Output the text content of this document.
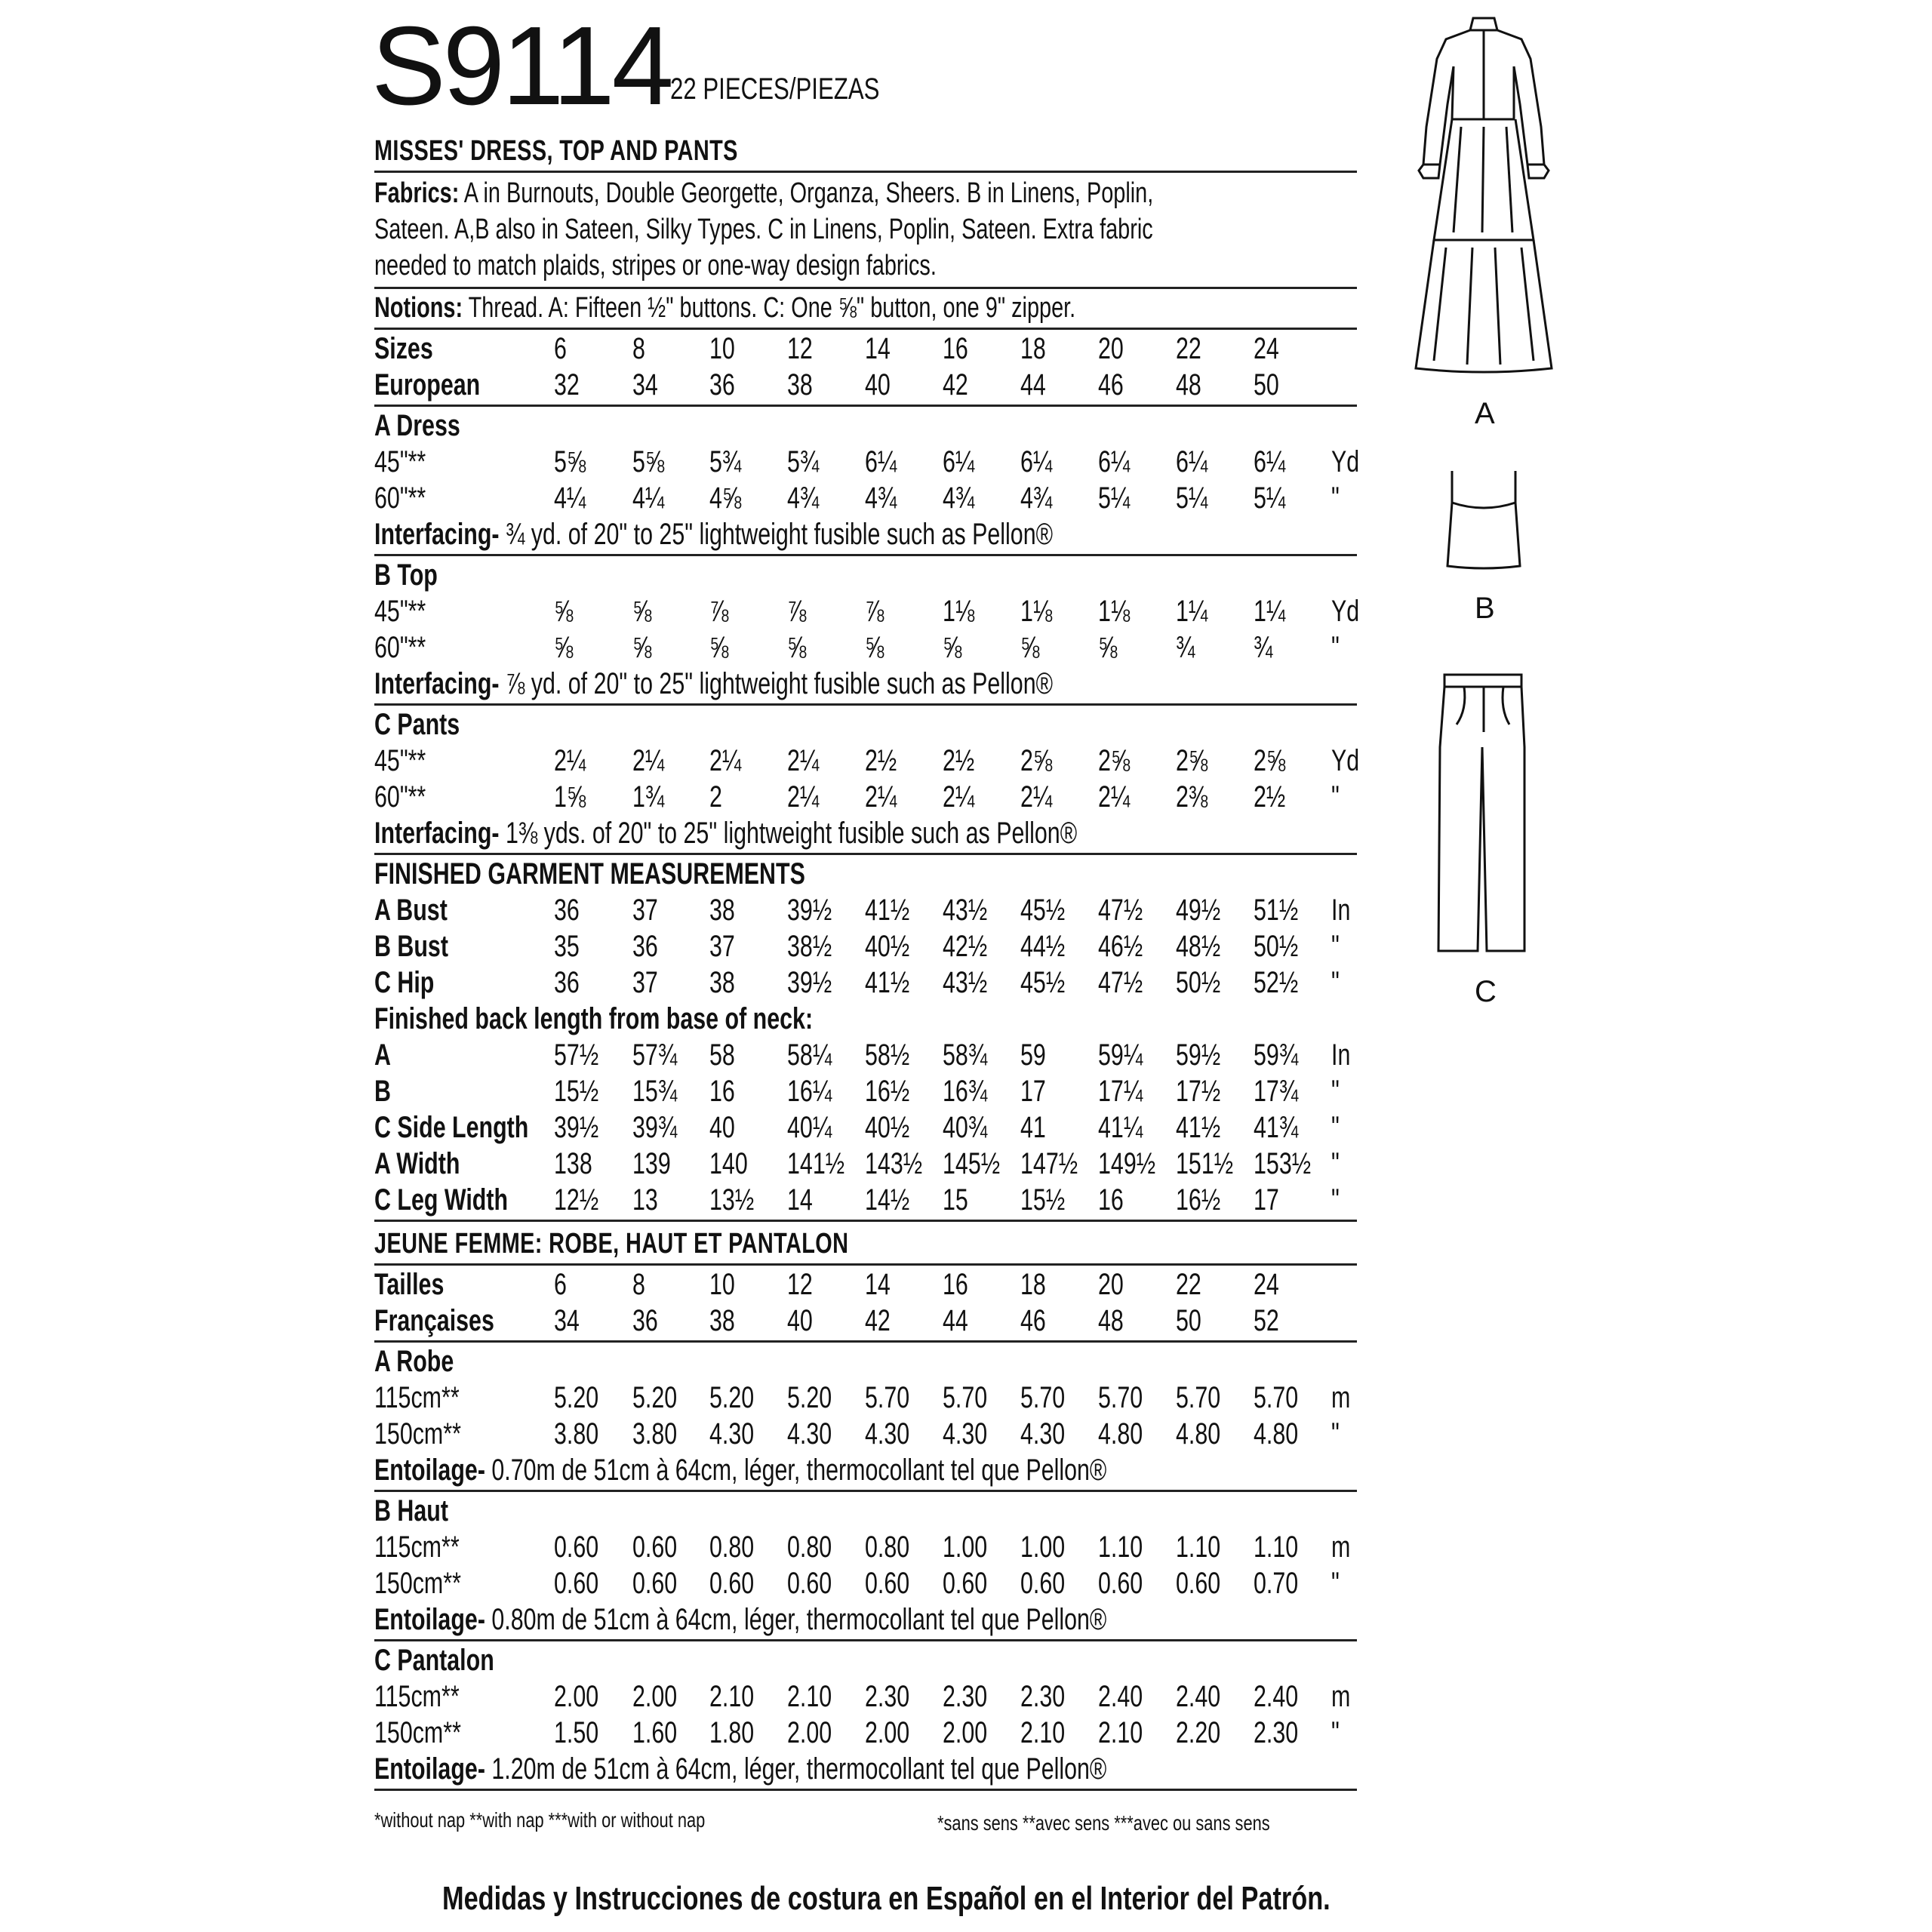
S9114 22 PIECES/PIEZAS
MISSES' DRESS, TOP AND PANTS
Fabrics: A in Burnouts, Double Georgette, Organza, Sheers. B in Linens, Poplin,
Sateen. A,B also in Sateen, Silky Types. C in Linens, Poplin, Sateen. Extra fabric
needed to match plaids, stripes or one-way design fabrics.
Notions: Thread. A: Fifteen ½" buttons. C: One ⅝" button, one 9" zipper.
Sizes	6 8 10 12 14 16 18 20 22 24
European 32 34 36 38 40 42 44 46 48 50
A Dress
45"**	5⅝ 5⅝ 5¾ 5¾ 6¼ 6¼ 6¼ 6¼ 6¼ 6¼ Yd
60"**	4¼ 4¼ 4⅝ 4¾ 4¾ 4¾ 4¾ 5¼ 5¼ 5¼ "
Interfacing- ¾ yd. of 20" to 25" lightweight fusible such as Pellon®
B Top
45"**	⅝ ⅝ ⅞ ⅞ ⅞ 1⅛ 1⅛ 1⅛ 1¼ 1¼ Yd
60"**	⅝ ⅝ ⅝ ⅝ ⅝ ⅝ ⅝ ⅝ ¾ ¾ "
Interfacing- ⅞ yd. of 20" to 25" lightweight fusible such as Pellon®
C Pants
45"**	2¼ 2¼ 2¼ 2¼ 2½ 2½ 2⅝ 2⅝ 2⅝ 2⅝ Yd
60"**	1⅝ 1¾ 2 2¼ 2¼ 2¼ 2¼ 2¼ 2⅜ 2½ "
Interfacing- 1⅜ yds. of 20" to 25" lightweight fusible such as Pellon®
FINISHED GARMENT MEASUREMENTS
A Bust	36 37 38 39½ 41½ 43½ 45½ 47½ 49½ 51½ In
B Bust	35 36 37 38½ 40½ 42½ 44½ 46½ 48½ 50½ "
C Hip	36 37 38 39½ 41½ 43½ 45½ 47½ 50½ 52½ "
Finished back length from base of neck:
A	57½ 57¾ 58 58¼ 58½ 58¾ 59 59¼ 59½ 59¾ In
B	15½ 15¾ 16 16¼ 16½ 16¾ 17 17¼ 17½ 17¾ "
C Side Length 39½ 39¾ 40 40¼ 40½ 40¾ 41 41¼ 41½ 41¾ "
A Width	138 139 140 141½ 143½ 145½ 147½ 149½ 151½ 153½ "
C Leg Width 12½ 13 13½ 14 14½ 15 15½ 16 16½ 17 "
JEUNE FEMME: ROBE, HAUT ET PANTALON
Tailles	6 8 10 12 14 16 18 20 22 24
Françaises 34 36 38 40 42 44 46 48 50 52
A Robe
115cm**	5.20 5.20 5.20 5.20 5.70 5.70 5.70 5.70 5.70 5.70 m
150cm**	3.80 3.80 4.30 4.30 4.30 4.30 4.30 4.80 4.80 4.80 "
Entoilage- 0.70m de 51cm à 64cm, léger, thermocollant tel que Pellon®
B Haut
115cm**	0.60 0.60 0.80 0.80 0.80 1.00 1.00 1.10 1.10 1.10 m
150cm**	0.60 0.60 0.60 0.60 0.60 0.60 0.60 0.60 0.60 0.70 "
Entoilage- 0.80m de 51cm à 64cm, léger, thermocollant tel que Pellon®
C Pantalon
115cm**	2.00 2.00 2.10 2.10 2.30 2.30 2.30 2.40 2.40 2.40 m
150cm**	1.50 1.60 1.80 2.00 2.00 2.00 2.10 2.10 2.20 2.30 "
Entoilage- 1.20m de 51cm à 64cm, léger, thermocollant tel que Pellon®
*without nap **with nap ***with or without nap	*sans sens **avec sens ***avec ou sans sens
Medidas y Instrucciones de costura en Español en el Interior del Patrón.
A
B
C
